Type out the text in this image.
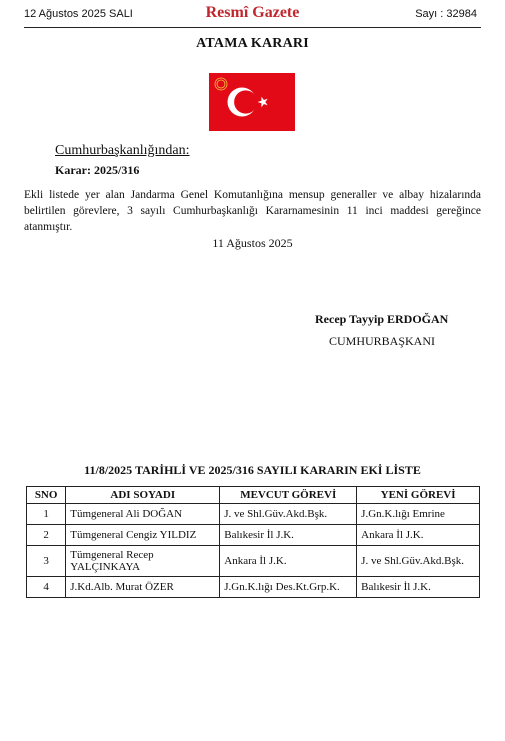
12 Ağustos 2025 SALI	Resmî Gazete	Sayı : 32984
ATAMA KARARI
Cumhurbaşkanlığından:
Karar: 2025/316
Ekli listede yer alan Jandarma Genel Komutanlığına mensup generaller ve albay hizalarında belirtilen görevlere, 3 sayılı Cumhurbaşkanlığı Kararnamesinin 11 inci maddesi gereğince atanmıştır.
11 Ağustos 2025
Recep Tayyip ERDOĞAN
CUMHURBAŞKANI
11/8/2025 TARİHLİ VE 2025/316 SAYILI KARARIN EKİ LİSTE
SNO	ADI SOYADI	MEVCUT GÖREVİ	YENİ GÖREVİ
1	Tümgeneral Ali DOĞAN	J. ve Shl.Güv.Akd.Bşk.	J.Gn.K.lığı Emrine
2	Tümgeneral Cengiz YILDIZ	Balıkesir İl J.K.	Ankara İl J.K.
3	Tümgeneral Recep YALÇINKAYA	Ankara İl J.K.	J. ve Shl.Güv.Akd.Bşk.
4	J.Kd.Alb. Murat ÖZER	J.Gn.K.lığı Des.Kt.Grp.K.	Balıkesir İl J.K.
